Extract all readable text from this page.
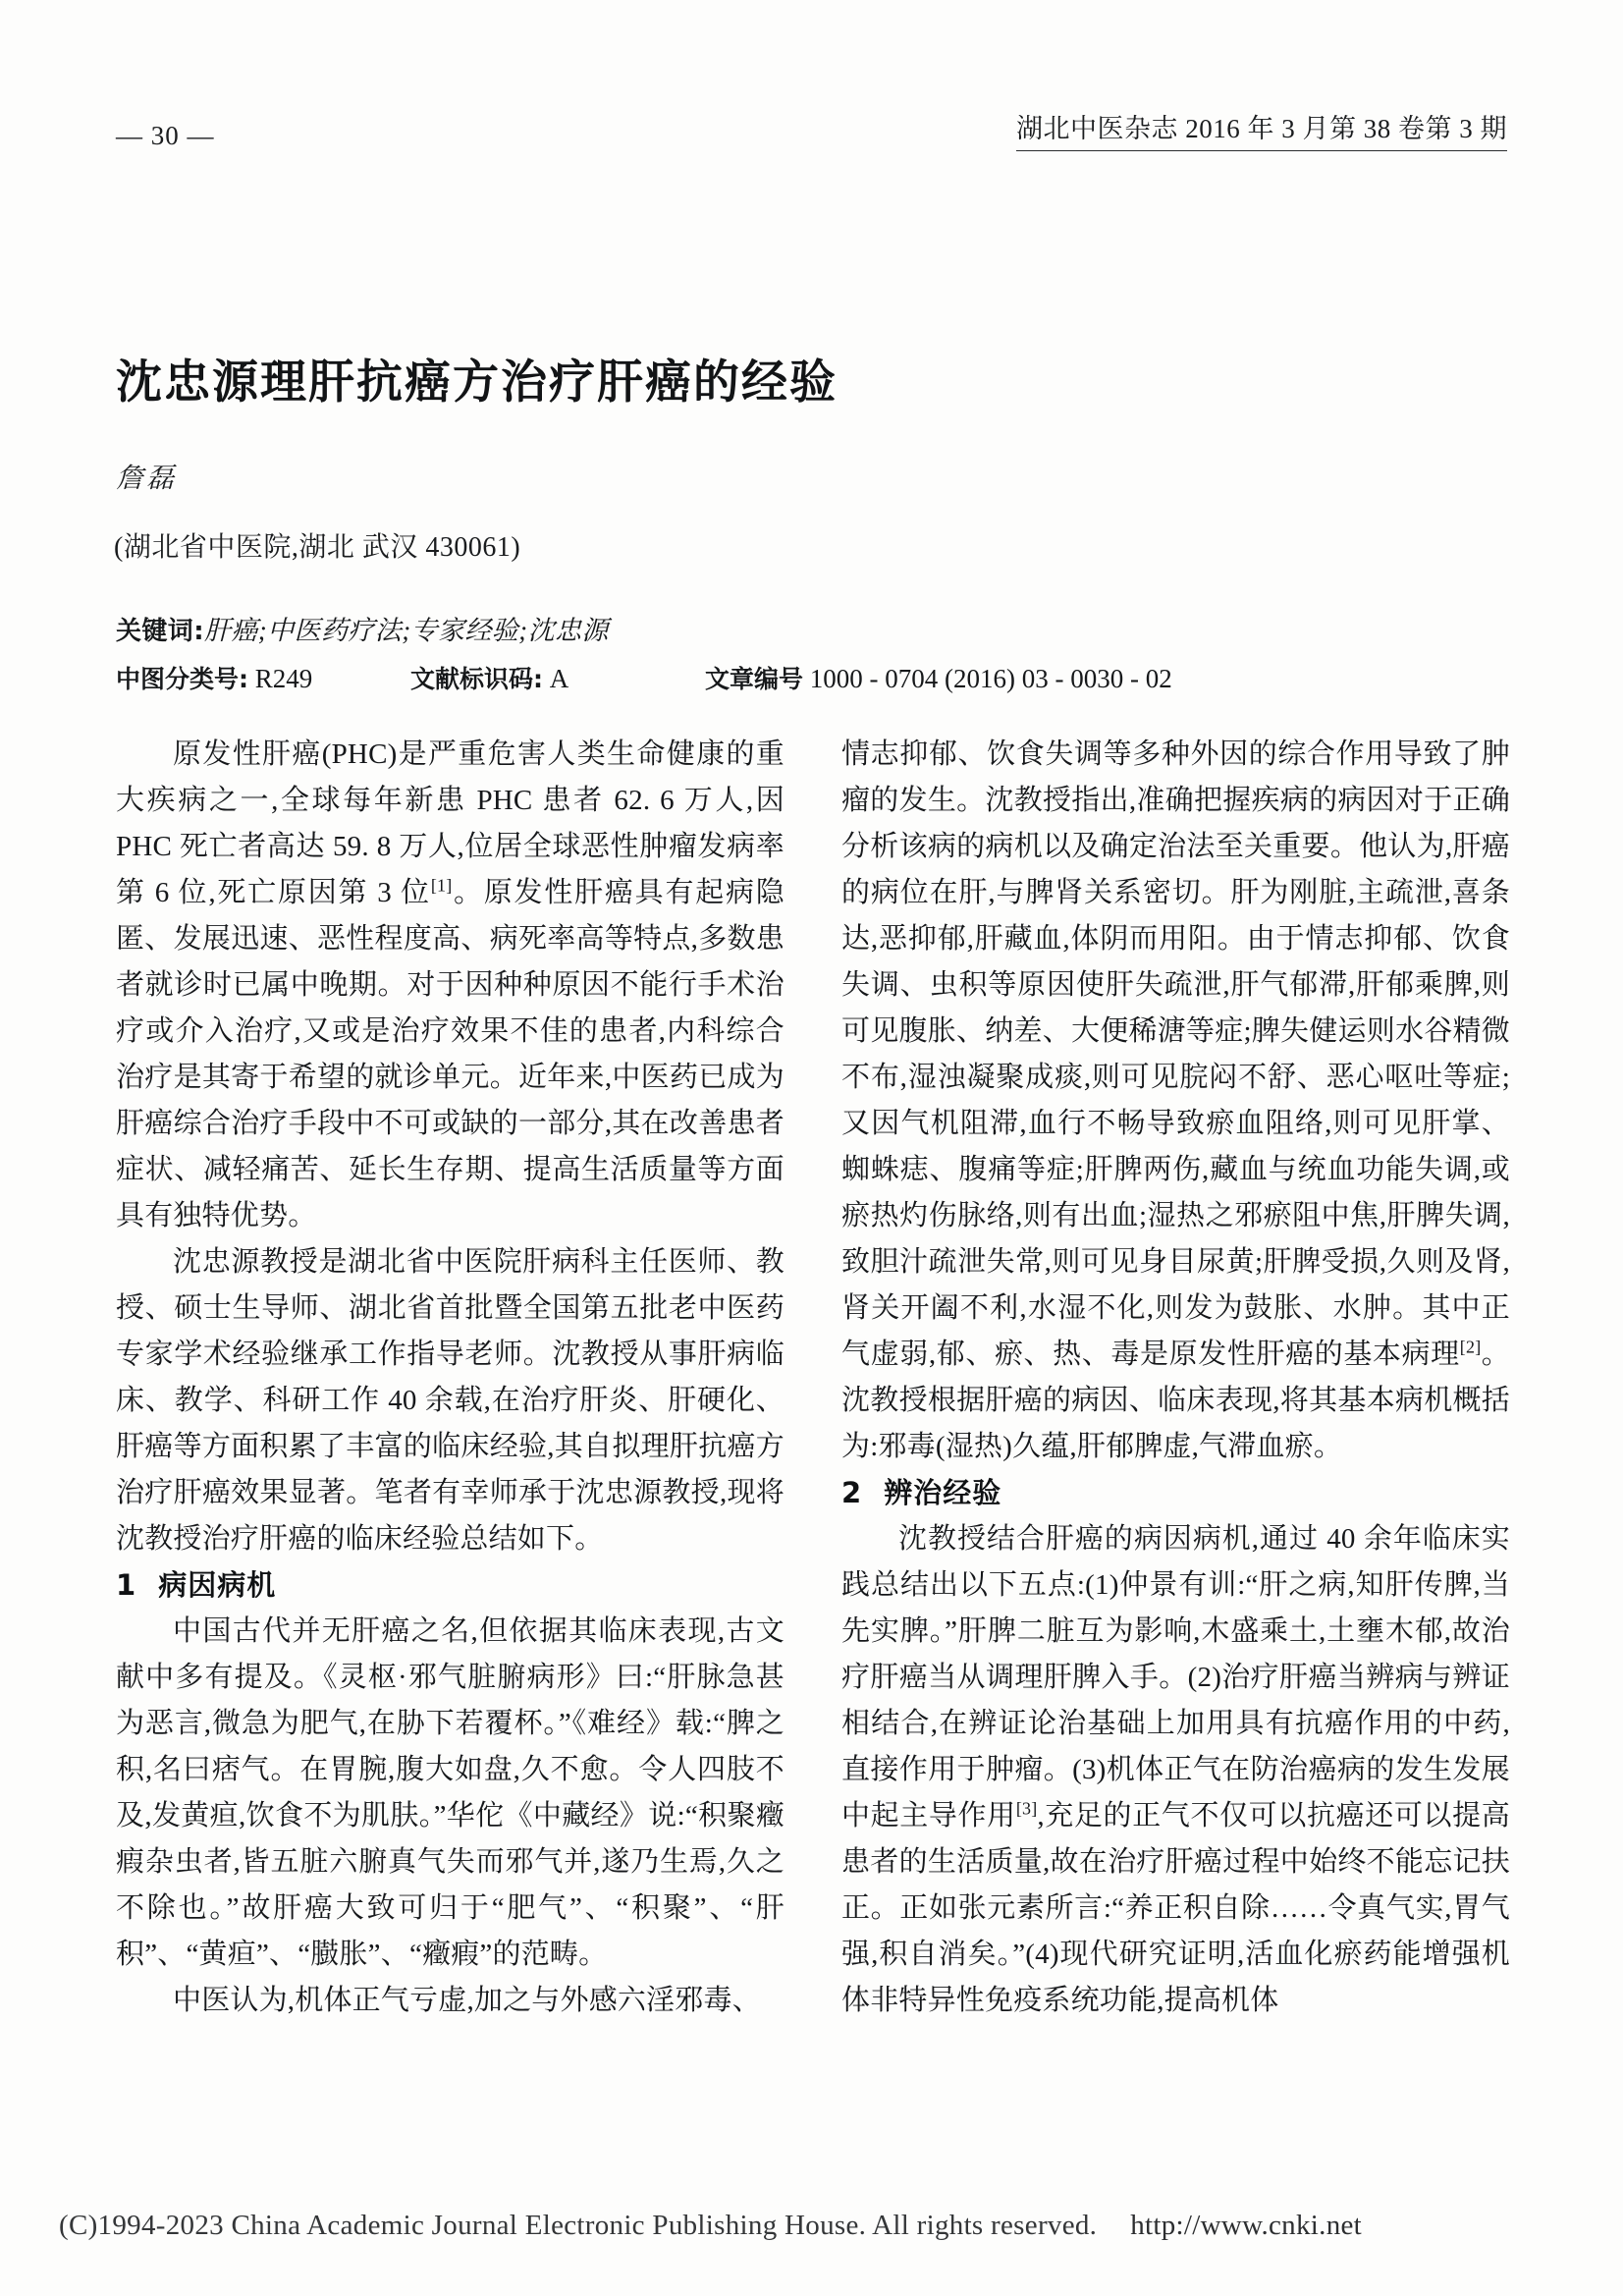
— 30 —	湖北中医杂志 2016 年 3 月第 38 卷第 3 期
沈忠源理肝抗癌方治疗肝癌的经验
詹磊
(湖北省中医院,湖北 武汉 430061)
关键词:肝癌;中医药疗法;专家经验;沈忠源
中图分类号: R249	文献标识码: A	文章编号 1000 - 0704 (2016) 03 - 0030 - 02

原发性肝癌(PHC)是严重危害人类生命健康的重大疾病之一,全球每年新患 PHC 患者 62. 6 万人,因 PHC 死亡者高达 59. 8 万人,位居全球恶性肿瘤发病率第 6 位,死亡原因第 3 位[1]。原发性肝癌具有起病隐匿、发展迅速、恶性程度高、病死率高等特点,多数患者就诊时已属中晚期。对于因种种原因不能行手术治疗或介入治疗,又或是治疗效果不佳的患者,内科综合治疗是其寄于希望的就诊单元。近年来,中医药已成为肝癌综合治疗手段中不可或缺的一部分,其在改善患者症状、减轻痛苦、延长生存期、提高生活质量等方面具有独特优势。

沈忠源教授是湖北省中医院肝病科主任医师、教授、硕士生导师、湖北省首批暨全国第五批老中医药专家学术经验继承工作指导老师。沈教授从事肝病临床、教学、科研工作 40 余载,在治疗肝炎、肝硬化、肝癌等方面积累了丰富的临床经验,其自拟理肝抗癌方治疗肝癌效果显著。笔者有幸师承于沈忠源教授,现将沈教授治疗肝癌的临床经验总结如下。

1 病因病机

中国古代并无肝癌之名,但依据其临床表现,古文献中多有提及。《灵枢·邪气脏腑病形》曰:“肝脉急甚为恶言,微急为肥气,在胁下若覆杯。”《难经》载:“脾之积,名曰痞气。在胃腕,腹大如盘,久不愈。令人四肢不及,发黄疸,饮食不为肌肤。”华佗《中藏经》说:“积聚癥瘕杂虫者,皆五脏六腑真气失而邪气并,遂乃生焉,久之不除也。”故肝癌大致可归于“肥气”、“积聚”、“肝积”、“黄疸”、“臌胀”、“癥瘕”的范畴。

中医认为,机体正气亏虚,加之与外感六淫邪毒、

情志抑郁、饮食失调等多种外因的综合作用导致了肿瘤的发生。沈教授指出,准确把握疾病的病因对于正确分析该病的病机以及确定治法至关重要。他认为,肝癌的病位在肝,与脾肾关系密切。肝为刚脏,主疏泄,喜条达,恶抑郁,肝藏血,体阴而用阳。由于情志抑郁、饮食失调、虫积等原因使肝失疏泄,肝气郁滞,肝郁乘脾,则可见腹胀、纳差、大便稀溏等症;脾失健运则水谷精微不布,湿浊凝聚成痰,则可见脘闷不舒、恶心呕吐等症;又因气机阻滞,血行不畅导致瘀血阻络,则可见肝掌、蜘蛛痣、腹痛等症;肝脾两伤,藏血与统血功能失调,或瘀热灼伤脉络,则有出血;湿热之邪瘀阻中焦,肝脾失调,致胆汁疏泄失常,则可见身目尿黄;肝脾受损,久则及肾,肾关开阖不利,水湿不化,则发为鼓胀、水肿。其中正气虚弱,郁、瘀、热、毒是原发性肝癌的基本病理[2]。沈教授根据肝癌的病因、临床表现,将其基本病机概括为:邪毒(湿热)久蕴,肝郁脾虚,气滞血瘀。

2 辨治经验

沈教授结合肝癌的病因病机,通过 40 余年临床实践总结出以下五点:(1)仲景有训:“肝之病,知肝传脾,当先实脾。”肝脾二脏互为影响,木盛乘土,土壅木郁,故治疗肝癌当从调理肝脾入手。(2)治疗肝癌当辨病与辨证相结合,在辨证论治基础上加用具有抗癌作用的中药,直接作用于肿瘤。(3)机体正气在防治癌病的发生发展中起主导作用[3],充足的正气不仅可以抗癌还可以提高患者的生活质量,故在治疗肝癌过程中始终不能忘记扶正。正如张元素所言:“养正积自除……令真气实,胃气强,积自消矣。”(4)现代研究证明,活血化瘀药能增强机体非特异性免疫系统功能,提高机体

(C)1994-2023 China Academic Journal Electronic Publishing House. All rights reserved. http://www.cnki.net
